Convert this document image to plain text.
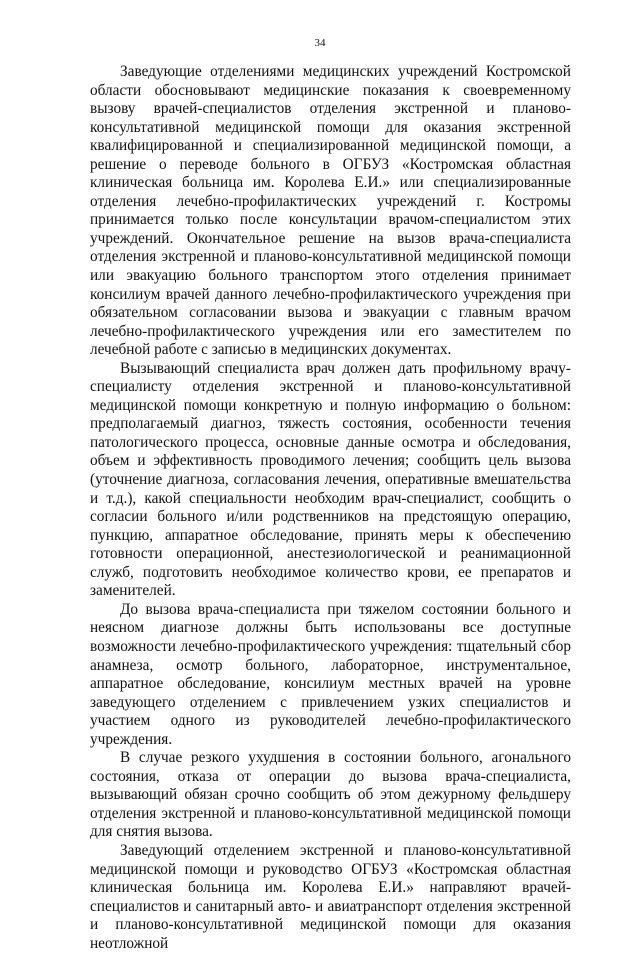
34

Заведующие отделениями медицинских учреждений Костромской области обосновывают медицинские показания к своевременному вызову врачей-специалистов отделения экстренной и планово-консультативной медицинской помощи для оказания экстренной квалифицированной и специализированной медицинской помощи, а решение о переводе больного в ОГБУЗ «Костромская областная клиническая больница им. Королева Е.И.» или специализированные отделения лечебно-профилактических учреждений г. Костромы принимается только после консультации врачом-специалистом этих учреждений. Окончательное решение на вызов врача-специалиста отделения экстренной и планово-консультативной медицинской помощи или эвакуацию больного транспортом этого отделения принимает консилиум врачей данного лечебно-профилактического учреждения при обязательном согласовании вызова и эвакуации с главным врачом лечебно-профилактического учреждения или его заместителем по лечебной работе с записью в медицинских документах.

Вызывающий специалиста врач должен дать профильному врачу-специалисту отделения экстренной и планово-консультативной медицинской помощи конкретную и полную информацию о больном: предполагаемый диагноз, тяжесть состояния, особенности течения патологического процесса, основные данные осмотра и обследования, объем и эффективность проводимого лечения; сообщить цель вызова (уточнение диагноза, согласования лечения, оперативные вмешательства и т.д.), какой специальности необходим врач-специалист, сообщить о согласии больного и/или родственников на предстоящую операцию, пункцию, аппаратное обследование, принять меры к обеспечению готовности операционной, анестезиологической и реанимационной служб, подготовить необходимое количество крови, ее препаратов и заменителей.

До вызова врача-специалиста при тяжелом состоянии больного и неясном диагнозе должны быть использованы все доступные возможности лечебно-профилактического учреждения: тщательный сбор анамнеза, осмотр больного, лабораторное, инструментальное, аппаратное обследование, консилиум местных врачей на уровне заведующего отделением с привлечением узких специалистов и участием одного из руководителей лечебно-профилактического учреждения.

В случае резкого ухудшения в состоянии больного, агонального состояния, отказа от операции до вызова врача-специалиста, вызывающий обязан срочно сообщить об этом дежурному фельдшеру отделения экстренной и планово-консультативной медицинской помощи для снятия вызова.

Заведующий отделением экстренной и планово-консультативной медицинской помощи и руководство ОГБУЗ «Костромская областная клиническая больница им. Королева Е.И.» направляют врачей-специалистов и санитарный авто- и авиатранспорт отделения экстренной и планово-консультативной медицинской помощи для оказания неотложной
